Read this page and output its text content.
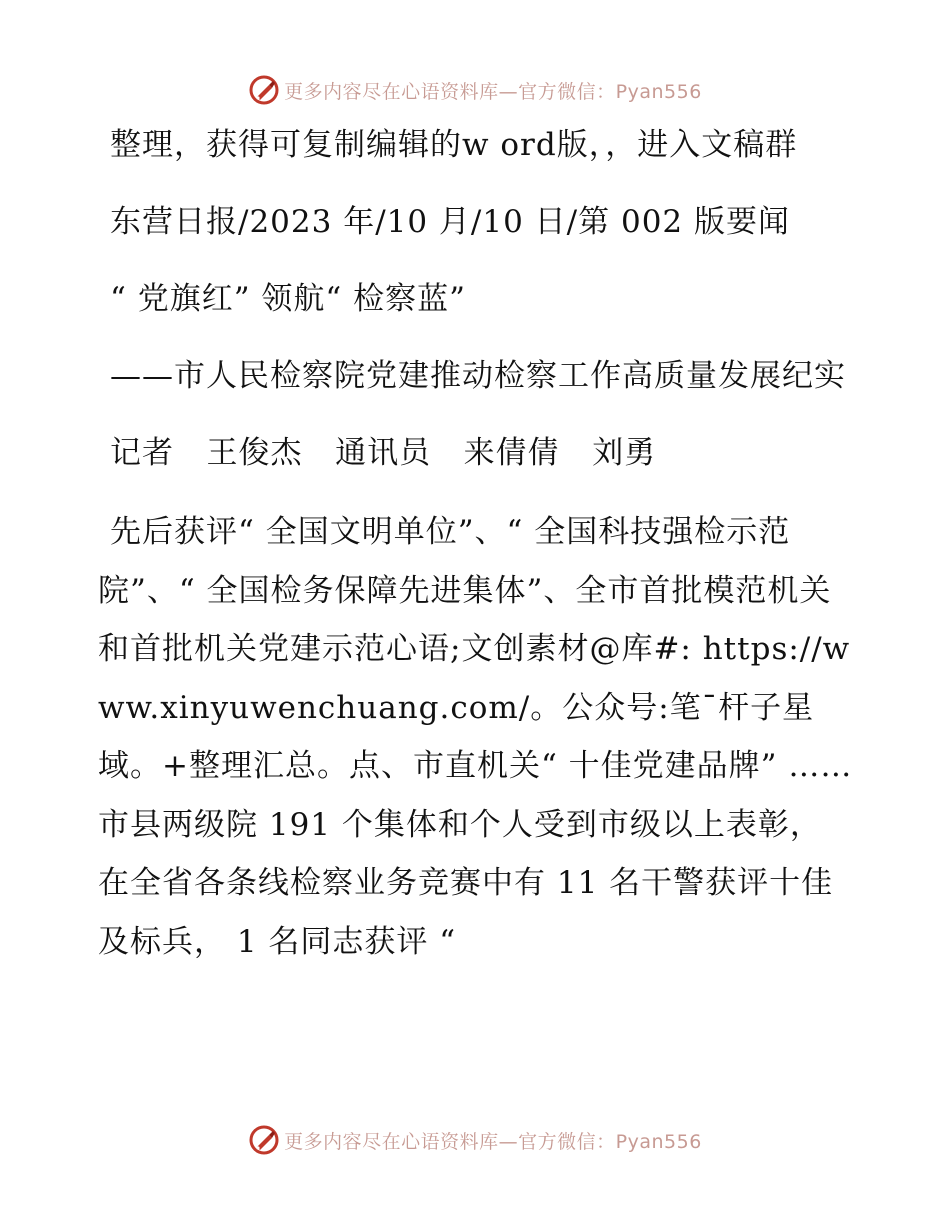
更多内容尽在心语资料库—官方微信：Pyan556

整理，获得可复制编辑的w ord版，，进入文稿群

东营日报/2023 年/10 月/10 日/第 002 版要闻

“ 党旗红” 领航“ 检察蓝”

——市人民检察院党建推动检察工作高质量发展纪实

记者   王俊杰   通讯员   来倩倩   刘勇

先后获评“ 全国文明单位”、“ 全国科技强检示范院”、“ 全国检务保障先进集体”、全市首批模范机关和首批机关党建示范心语;文创素材@库#: https://www.xinyuwenchuang.com/。公众号:笔¯杆子星域。+整理汇总。点、市直机关“ 十佳党建品牌” ……市县两级院 191 个集体和个人受到市级以上表彰， 在全省各条线检察业务竞赛中有 11 名干警获评十佳及标兵， 1 名同志获评 “

更多内容尽在心语资料库—官方微信：Pyan556
